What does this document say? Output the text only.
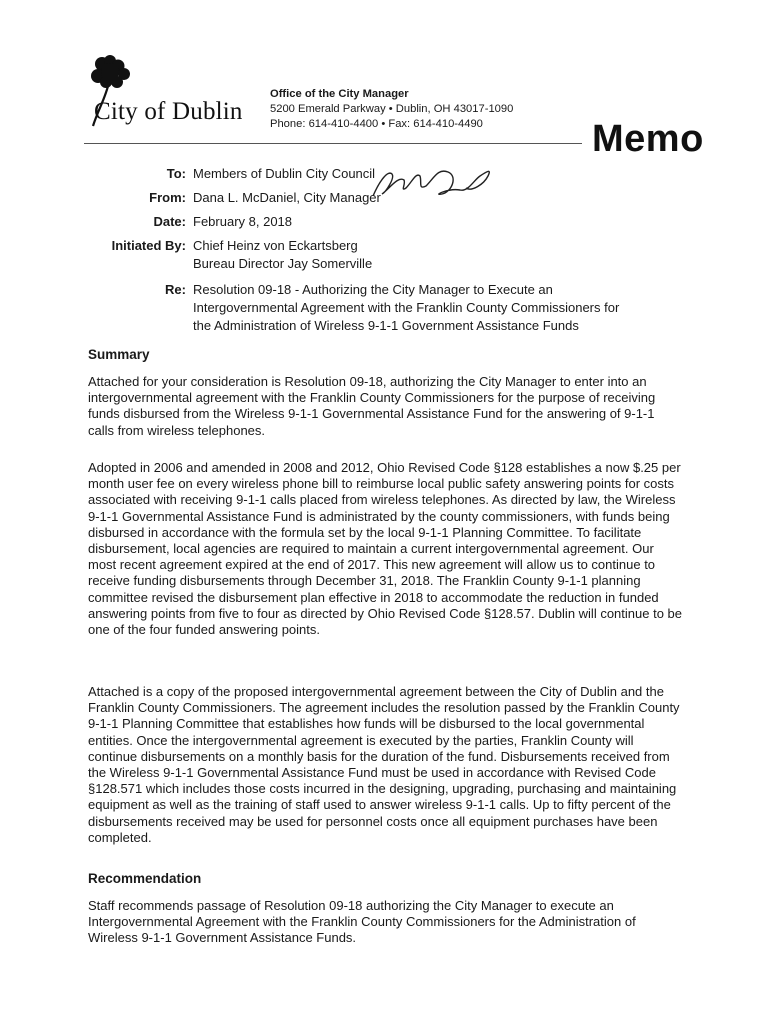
City of Dublin
Office of the City Manager
5200 Emerald Parkway • Dublin, OH 43017-1090
Phone: 614-410-4400 • Fax: 614-410-4490	Memo
To: Members of Dublin City Council
From: Dana L. McDaniel, City Manager
Date: February 8, 2018
Initiated By: Chief Heinz von Eckartsberg
Bureau Director Jay Somerville
Re: Resolution 09-18 - Authorizing the City Manager to Execute an
Intergovernmental Agreement with the Franklin County Commissioners for
the Administration of Wireless 9-1-1 Government Assistance Funds
Summary

Attached for your consideration is Resolution 09-18, authorizing the City Manager to enter into an intergovernmental agreement with the Franklin County Commissioners for the purpose of receiving funds disbursed from the Wireless 9-1-1 Governmental Assistance Fund for the answering of 9-1-1 calls from wireless telephones.

Adopted in 2006 and amended in 2008 and 2012, Ohio Revised Code §128 establishes a now $.25 per month user fee on every wireless phone bill to reimburse local public safety answering points for costs associated with receiving 9-1-1 calls placed from wireless telephones. As directed by law, the Wireless 9-1-1 Governmental Assistance Fund is administrated by the county commissioners, with funds being disbursed in accordance with the formula set by the local 9-1-1 Planning Committee. To facilitate disbursement, local agencies are required to maintain a current intergovernmental agreement. Our most recent agreement expired at the end of 2017. This new agreement will allow us to continue to receive funding disbursements through December 31, 2018. The Franklin County 9-1-1 planning committee revised the disbursement plan effective in 2018 to accommodate the reduction in funded answering points from five to four as directed by Ohio Revised Code §128.57. Dublin will continue to be one of the four funded answering points.

Attached is a copy of the proposed intergovernmental agreement between the City of Dublin and the Franklin County Commissioners. The agreement includes the resolution passed by the Franklin County 9-1-1 Planning Committee that establishes how funds will be disbursed to the local governmental entities. Once the intergovernmental agreement is executed by the parties, Franklin County will continue disbursements on a monthly basis for the duration of the fund. Disbursements received from the Wireless 9-1-1 Governmental Assistance Fund must be used in accordance with Revised Code §128.571 which includes those costs incurred in the designing, upgrading, purchasing and maintaining equipment as well as the training of staff used to answer wireless 9-1-1 calls. Up to fifty percent of the disbursements received may be used for personnel costs once all equipment purchases have been completed.

Recommendation

Staff recommends passage of Resolution 09-18 authorizing the City Manager to execute an Intergovernmental Agreement with the Franklin County Commissioners for the Administration of Wireless 9-1-1 Government Assistance Funds.
